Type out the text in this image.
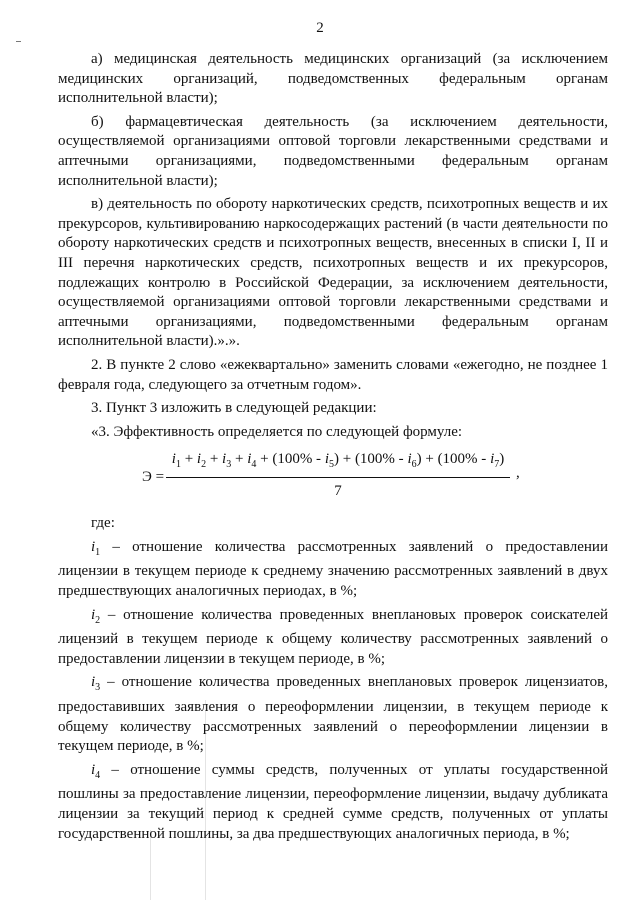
2

а) медицинская деятельность медицинских организаций (за исключением медицинских организаций, подведомственных федеральным органам исполнительной власти);

б) фармацевтическая деятельность (за исключением деятельности, осуществляемой организациями оптовой торговли лекарственными средствами и аптечными организациями, подведомственными федеральным органам исполнительной власти);

в) деятельность по обороту наркотических средств, психотропных веществ и их прекурсоров, культивированию наркосодержащих растений (в части деятельности по обороту наркотических средств и психотропных веществ, внесенных в списки I, II и III перечня наркотических средств, психотропных веществ и их прекурсоров, подлежащих контролю в Российской Федерации, за исключением деятельности, осуществляемой организациями оптовой торговли лекарственными средствами и аптечными организациями, подведомственными федеральным органам исполнительной власти).».».

2. В пункте 2 слово «ежеквартально» заменить словами «ежегодно, не позднее 1 февраля года, следующего за отчетным годом».

3. Пункт 3 изложить в следующей редакции:

«3. Эффективность определяется по следующей формуле:

$Э = \frac{i_1 + i_2 + i_3 + i_4 + (100\% - i_5) + (100\% - i_6) + (100\% - i_7)}{7}$ ,

где:

$i_1$ – отношение количества рассмотренных заявлений о предоставлении лицензии в текущем периоде к среднему значению рассмотренных заявлений в двух предшествующих аналогичных периодах, в %;

$i_2$ – отношение количества проведенных внеплановых проверок соискателей лицензий в текущем периоде к общему количеству рассмотренных заявлений о предоставлении лицензии в текущем периоде, в %;

$i_3$ – отношение количества проведенных внеплановых проверок лицензиатов, предоставивших заявления о переоформлении лицензии, в текущем периоде к общему количеству рассмотренных заявлений о переоформлении лицензии в текущем периоде, в %;

$i_4$ – отношение суммы средств, полученных от уплаты государственной пошлины за предоставление лицензии, переоформление лицензии, выдачу дубликата лицензии за текущий период к средней сумме средств, полученных от уплаты государственной пошлины, за два предшествующих аналогичных периода, в %;
